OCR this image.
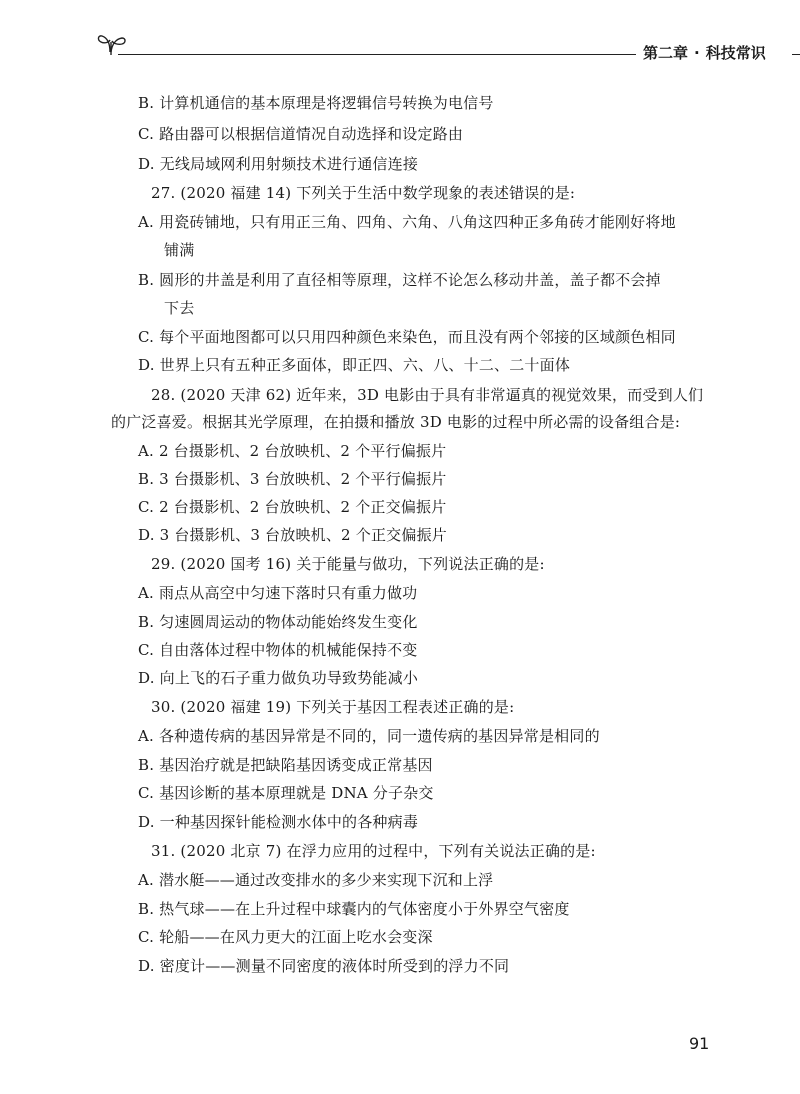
第二章 · 科技常识
B. 计算机通信的基本原理是将逻辑信号转换为电信号
C. 路由器可以根据信道情况自动选择和设定路由
D. 无线局域网利用射频技术进行通信连接
27. (2020 福建 14) 下列关于生活中数学现象的表述错误的是:
A. 用瓷砖铺地，只有用正三角、四角、六角、八角这四种正多角砖才能刚好将地
铺满
B. 圆形的井盖是利用了直径相等原理，这样不论怎么移动井盖，盖子都不会掉
下去
C. 每个平面地图都可以只用四种颜色来染色，而且没有两个邻接的区域颜色相同
D. 世界上只有五种正多面体，即正四、六、八、十二、二十面体
28. (2020 天津 62) 近年来，3D 电影由于具有非常逼真的视觉效果，而受到人们
的广泛喜爱。根据其光学原理，在拍摄和播放 3D 电影的过程中所必需的设备组合是:
A. 2 台摄影机、2 台放映机、2 个平行偏振片
B. 3 台摄影机、3 台放映机、2 个平行偏振片
C. 2 台摄影机、2 台放映机、2 个正交偏振片
D. 3 台摄影机、3 台放映机、2 个正交偏振片
29. (2020 国考 16) 关于能量与做功，下列说法正确的是:
A. 雨点从高空中匀速下落时只有重力做功
B. 匀速圆周运动的物体动能始终发生变化
C. 自由落体过程中物体的机械能保持不变
D. 向上飞的石子重力做负功导致势能减小
30. (2020 福建 19) 下列关于基因工程表述正确的是:
A. 各种遗传病的基因异常是不同的，同一遗传病的基因异常是相同的
B. 基因治疗就是把缺陷基因诱变成正常基因
C. 基因诊断的基本原理就是 DNA 分子杂交
D. 一种基因探针能检测水体中的各种病毒
31. (2020 北京 7) 在浮力应用的过程中，下列有关说法正确的是:
A. 潜水艇——通过改变排水的多少来实现下沉和上浮
B. 热气球——在上升过程中球囊内的气体密度小于外界空气密度
C. 轮船——在风力更大的江面上吃水会变深
D. 密度计——测量不同密度的液体时所受到的浮力不同
91
